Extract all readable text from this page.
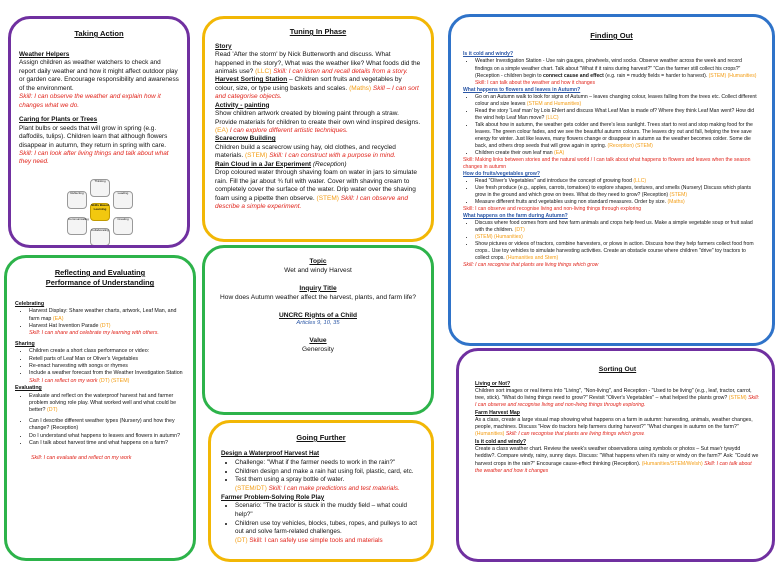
Taking Action

Weather Helpers

Assign children as weather watchers to check and report daily weather and how it might affect outdoor play or garden care. Encourage responsibility and awareness of the environment.

Skill: I can observe the weather and explain how it changes what we do.

Caring for Plants or Trees

Plant bulbs or seeds that will grow in spring (e.g. daffodils, tulips). Children learn that although flowers disappear in autumn, they return in spring with care.

Skill: I can look after living things and talk about what they need.

Skills Based Learning
Thinking
Leading
Creating
Collaborating
Communicating
Reflecting
Tuning In Phase

Story

Read 'After the storm' by Nick Butterworth and discuss. What happened in the story?, What was the weather like? What foods did the animals use? (LLC) Skill: I can listen and recall details from a story.

Harvest Sorting Station – Children sort fruits and vegetables by colour, size, or type using baskets and scales. (Maths) Skill – I can sort and categorise objects.

Activity - painting

Show children artwork created by blowing paint through a straw. Provide materials for children to create their own wind inspired designs. (EA) I can explore different artistic techniques.

Scarecrow Building

Children build a scarecrow using hay, old clothes, and recycled materials. (STEM) Skill: I can construct with a purpose in mind.

Rain Cloud in a Jar Experiment (Reception)

Drop coloured water through shaving foam on water in jars to simulate rain. Fill the jar about ¾ full with water. Cover with shaving cream to completely cover the surface of the water. Drip water over the shaving foam using a pipette then observe. (STEM) Skill: I can observe and describe a simple experiment.

Finding Out

Is it cold and windy?

• Weather Investigation Station - Use rain gauges, pinwheels, wind socks. Observe weather across the week and record findings on a simple weather chart. Talk about "What if it rains during harvest?" "Can the farmer still collect his crops?" (Reception - children begin to connect cause and effect (e.g. rain = muddy fields = harder to harvest). (STEM) (Humanities) Skill: I can talk about the weather and how it changes

What happens to flowers and leaves in Autumn?

• Go on an Autumn walk to look for signs of Autumn – leaves changing colour, leaves falling from the trees etc. Collect different colour and size leaves (STEM and Humanities)
• Read the story 'Leaf man' by Lois Ehlert and discuss What Leaf Man is made of? Where they think Leaf Man went? How did the wind help Leaf Man move? (LLC)
• Talk about how in autumn, the weather gets colder and there's less sunlight. Trees start to rest and stop making food for the leaves. The green colour fades, and we see the beautiful autumn colours. The leaves dry out and fall, helping the tree save energy for winter. Just like leaves, many flowers change or disappear in autumn as the weather becomes colder. Some die back, and others drop seeds that will grow again in spring. (Reception) (STEM)
• Children create their own leaf man (EA)

Skill: Making links between stories and the natural world / I can talk about what happens to flowers and leaves when the season changes in autumn

How do fruits/vegetables grow?

• Read "Oliver's Vegetables" and introduce the concept of growing food (LLC)
• Use fresh produce (e.g., apples, carrots, tomatoes) to explore shapes, textures, and smells (Nursery) Discuss which plants grow in the ground and which grow on trees. What do they need to grow? (Reception) (STEM)
• Measure different fruits and vegetables using non standard measures. Order by size. (Maths)

Skill: I can observe and recognise living and non-living things through exploring

What happens on the farm during Autumn?

• Discuss where food comes from and how farm animals and crops help feed us. Make a simple vegetable soup or fruit salad with the children. (DT)
• (STEM) (Humanities)
• Show pictures or videos of tractors, combine harvesters, or plows in action. Discuss how they help farmers collect food from crops.. Use toy vehicles to simulate harvesting activities. Create an obstacle course where children "drive" toy tractors to collect crops. (Humanities and Stem)

Skill: I can recognise that plants are living things which grow

Reflecting and Evaluating
Performance of Understanding

Celebrating

• Harvest Display: Share weather charts, artwork, Leaf Man, and farm map (EA)
• Harvest Hat Invention Parade (DT)
Skill: I can share and celebrate my learning with others.

Sharing

• Children create a short class performance or video:
• Retell parts of Leaf Man or Oliver's Vegetables
• Re-enact harvesting with songs or rhymes
• Include a weather forecast from the Weather Investigation Station
Skill: I can reflect on my work (DT) (STEM)

Evaluating

• Evaluate and reflect on the waterproof harvest hat and farmer problem solving role play. What worked well and what could be better? (DT)
• Can I describe different weather types (Nursery) and how they change? (Reception)
• Do I understand what happens to leaves and flowers in autumn?
• Can I talk about harvest time and what happens on a farm?

Skill: I can evaluate and reflect on my work

Topic

Wet and windy Harvest

Inquiry Title

How does Autumn weather affect the harvest, plants, and farm life?

UNCRC Rights of a Child

Articles 9, 10, 35

Value

Generosity

Going Further

Design a Waterproof Harvest Hat

• Challenge: "What if the farmer needs to work in the rain?"
• Children design and make a rain hat using foil, plastic, card, etc.
• Test them using a spray bottle of water.

(STEM/DT) Skill: I can make predictions and test materials.

Farmer Problem-Solving Role Play

• Scenario: "The tractor is stuck in the muddy field – what could help?"
• Children use toy vehicles, blocks, tubes, ropes, and pulleys to act out and solve farm-related challenges.

(DT) Skill: I can safely use simple tools and materials

Sorting Out

Living or Not?

Children sort images or real items into "Living", "Non-living", and Reception - "Used to be living" (e.g., leaf, tractor, carrot, tree, stick). "What do living things need to grow?" Revisit "Oliver's Vegetables" – what helped the plants grow? (STEM) Skill: I can observe and recognise living and non-living things through exploring.

Farm Harvest Map

As a class, create a large visual map showing what happens on a farm in autumn: harvesting, animals, weather changes, people, machines. Discuss "How do tractors help farmers during harvest?" "What changes in autumn on the farm?" (Humanities) Skill: I can recognise that plants are living things which grow.

Is it cold and windy?

Create a class weather chart. Review the week's weather observations using symbols or photos – Sut mae'r tywydd heddiw?. Compare windy, rainy, sunny days. Discuss: "What happens when it's rainy or windy on the farm?" Ask: "Could we harvest crops in the rain?" Encourage cause-effect thinking (Reception). (Humanities/STEM/Welsh) Skill: I can talk about the weather and how it changes
